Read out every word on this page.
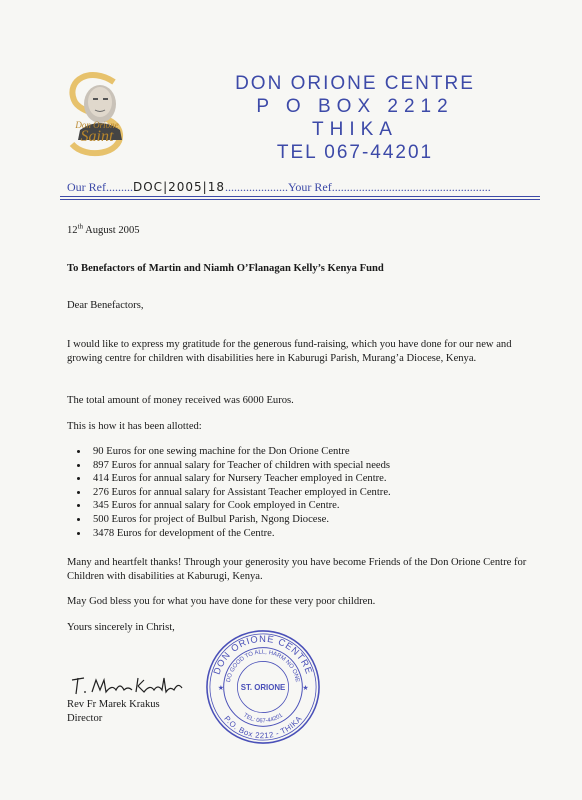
Don Orione
Saint
DON ORIONE CENTRE
P O BOX 2212
THIKA
TEL 067-44201
Our Ref.........DOC|2005|18.....................Your Ref.....................................................
12th August 2005
To Benefactors of Martin and Niamh O’Flanagan Kelly’s Kenya Fund
Dear Benefactors,
I would like to express my gratitude for the generous fund-raising, which you have done for our new and growing centre for children with disabilities here in Kaburugi Parish, Murang’a Diocese, Kenya.
The total amount of money received was 6000 Euros.
This is how it has been allotted:
• 90 Euros for one sewing machine for the Don Orione Centre
• 897 Euros for annual salary for Teacher of children with special needs
• 414 Euros for annual salary for Nursery Teacher employed in Centre.
• 276 Euros for annual salary for Assistant Teacher employed in Centre.
• 345 Euros for annual salary for Cook employed in Centre.
• 500 Euros for project of Bulbul Parish, Ngong Diocese.
• 3478 Euros for development of the Centre.
Many and heartfelt thanks! Through your generosity you have become Friends of the Don Orione Centre for Children with disabilities at Kaburugi, Kenya.
May God bless you for what you have done for these very poor children.
Yours sincerely in Christ,
Rev Fr Marek Krakus
Director
DON ORIONE CENTRE
P.O. Box 2212 - THIKA
DO GOOD TO ALL, HARM NO ONE
TEL: 067-44201
ST. ORIONE
★	★
